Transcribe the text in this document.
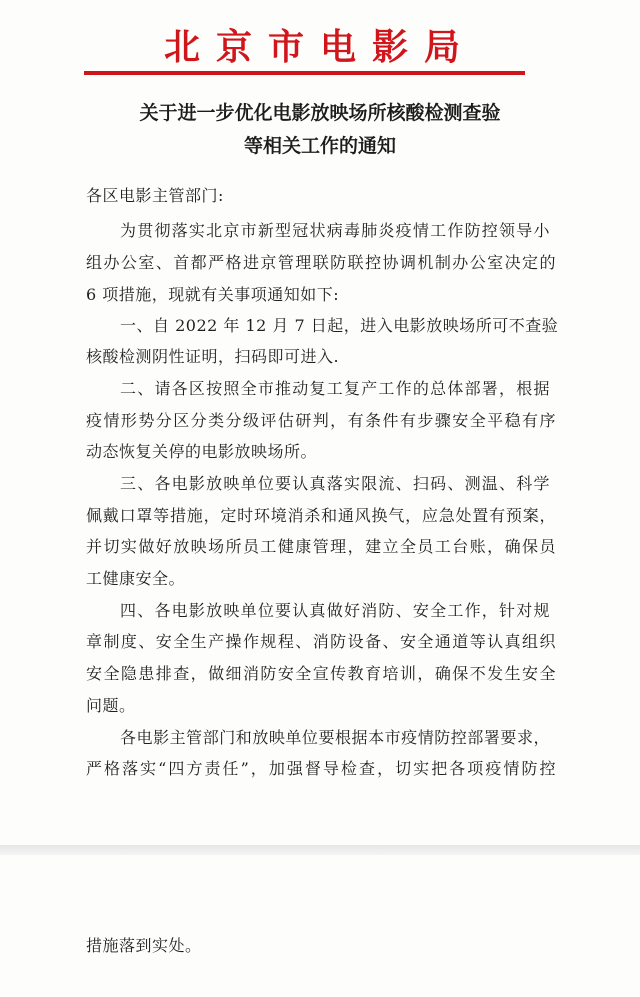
北京市电影局
关于进一步优化电影放映场所核酸检测查验
等相关工作的通知
各区电影主管部门:
为贯彻落实北京市新型冠状病毒肺炎疫情工作防控领导小
组办公室、首都严格进京管理联防联控协调机制办公室决定的
6 项措施，现就有关事项通知如下:
一、自 2022 年 12 月 7 日起，进入电影放映场所可不查验
核酸检测阴性证明，扫码即可进入.
二、请各区按照全市推动复工复产工作的总体部署，根据
疫情形势分区分类分级评估研判，有条件有步骤安全平稳有序
动态恢复关停的电影放映场所。
三、各电影放映单位要认真落实限流、扫码、测温、科学
佩戴口罩等措施，定时环境消杀和通风换气，应急处置有预案，
并切实做好放映场所员工健康管理，建立全员工台账，确保员
工健康安全。
四、各电影放映单位要认真做好消防、安全工作，针对规
章制度、安全生产操作规程、消防设备、安全通道等认真组织
安全隐患排查，做细消防安全宣传教育培训，确保不发生安全
问题。
各电影主管部门和放映单位要根据本市疫情防控部署要求，
严格落实“四方责任”，加强督导检查，切实把各项疫情防控
措施落到实处。
